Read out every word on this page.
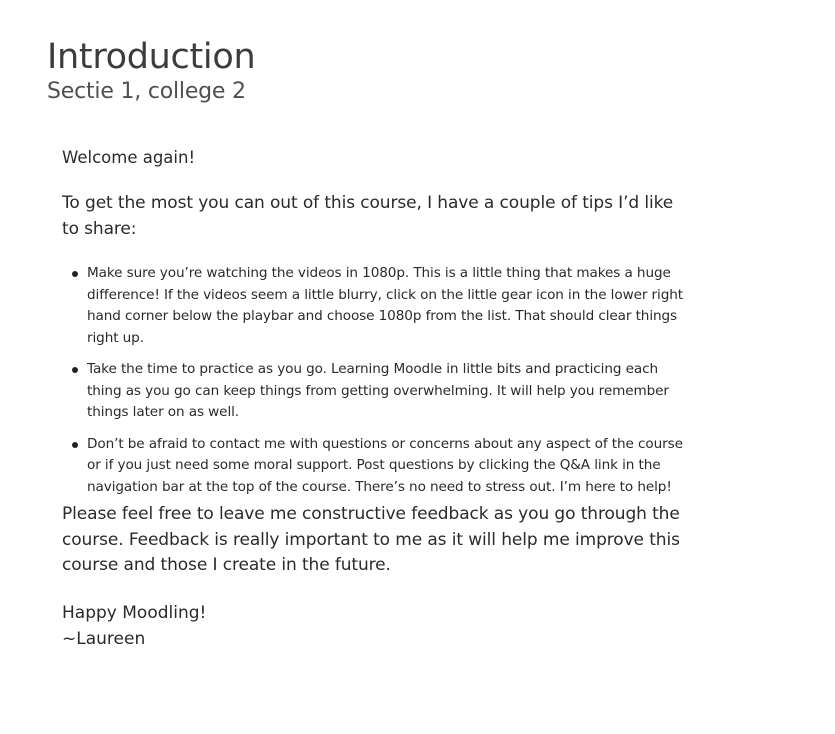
Introduction
Sectie 1, college 2

Welcome again!

To get the most you can out of this course, I have a couple of tips I’d like to share:

Make sure you’re watching the videos in 1080p. This is a little thing that makes a huge difference! If the videos seem a little blurry, click on the little gear icon in the lower right hand corner below the playbar and choose 1080p from the list. That should clear things right up.
Take the time to practice as you go. Learning Moodle in little bits and practicing each thing as you go can keep things from getting overwhelming. It will help you remember things later on as well.
Don’t be afraid to contact me with questions or concerns about any aspect of the course or if you just need some moral support. Post questions by clicking the Q&A link in the navigation bar at the top of the course. There’s no need to stress out. I’m here to help!

Please feel free to leave me constructive feedback as you go through the course. Feedback is really important to me as it will help me improve this course and those I create in the future.

Happy Moodling!
~Laureen
